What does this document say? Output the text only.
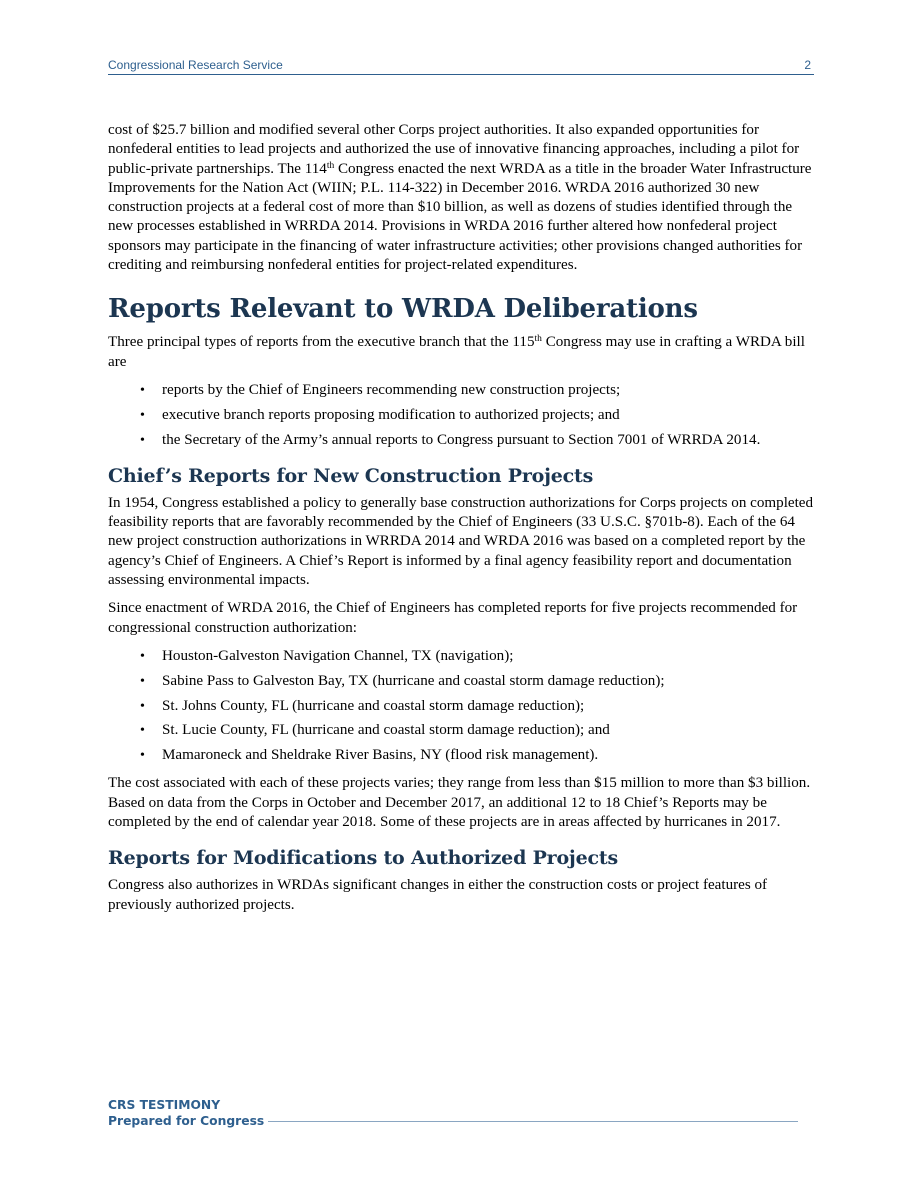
Congressional Research Service	2

cost of $25.7 billion and modified several other Corps project authorities. It also expanded opportunities for nonfederal entities to lead projects and authorized the use of innovative financing approaches, including a pilot for public-private partnerships. The 114th Congress enacted the next WRDA as a title in the broader Water Infrastructure Improvements for the Nation Act (WIIN; P.L. 114-322) in December 2016. WRDA 2016 authorized 30 new construction projects at a federal cost of more than $10 billion, as well as dozens of studies identified through the new processes established in WRRDA 2014. Provisions in WRDA 2016 further altered how nonfederal project sponsors may participate in the financing of water infrastructure activities; other provisions changed authorities for crediting and reimbursing nonfederal entities for project-related expenditures.

Reports Relevant to WRDA Deliberations

Three principal types of reports from the executive branch that the 115th Congress may use in crafting a WRDA bill are

• reports by the Chief of Engineers recommending new construction projects;
• executive branch reports proposing modification to authorized projects; and
• the Secretary of the Army’s annual reports to Congress pursuant to Section 7001 of WRRDA 2014.
Chief’s Reports for New Construction Projects

In 1954, Congress established a policy to generally base construction authorizations for Corps projects on completed feasibility reports that are favorably recommended by the Chief of Engineers (33 U.S.C. §701b-8). Each of the 64 new project construction authorizations in WRRDA 2014 and WRDA 2016 was based on a completed report by the agency’s Chief of Engineers. A Chief’s Report is informed by a final agency feasibility report and documentation assessing environmental impacts.

Since enactment of WRDA 2016, the Chief of Engineers has completed reports for five projects recommended for congressional construction authorization:

• Houston-Galveston Navigation Channel, TX (navigation);
• Sabine Pass to Galveston Bay, TX (hurricane and coastal storm damage reduction);
• St. Johns County, FL (hurricane and coastal storm damage reduction);
• St. Lucie County, FL (hurricane and coastal storm damage reduction); and
• Mamaroneck and Sheldrake River Basins, NY (flood risk management).

The cost associated with each of these projects varies; they range from less than $15 million to more than $3 billion. Based on data from the Corps in October and December 2017, an additional 12 to 18 Chief’s Reports may be completed by the end of calendar year 2018. Some of these projects are in areas affected by hurricanes in 2017.

Reports for Modifications to Authorized Projects

Congress also authorizes in WRDAs significant changes in either the construction costs or project features of previously authorized projects.

CRS TESTIMONY
Prepared for Congress
